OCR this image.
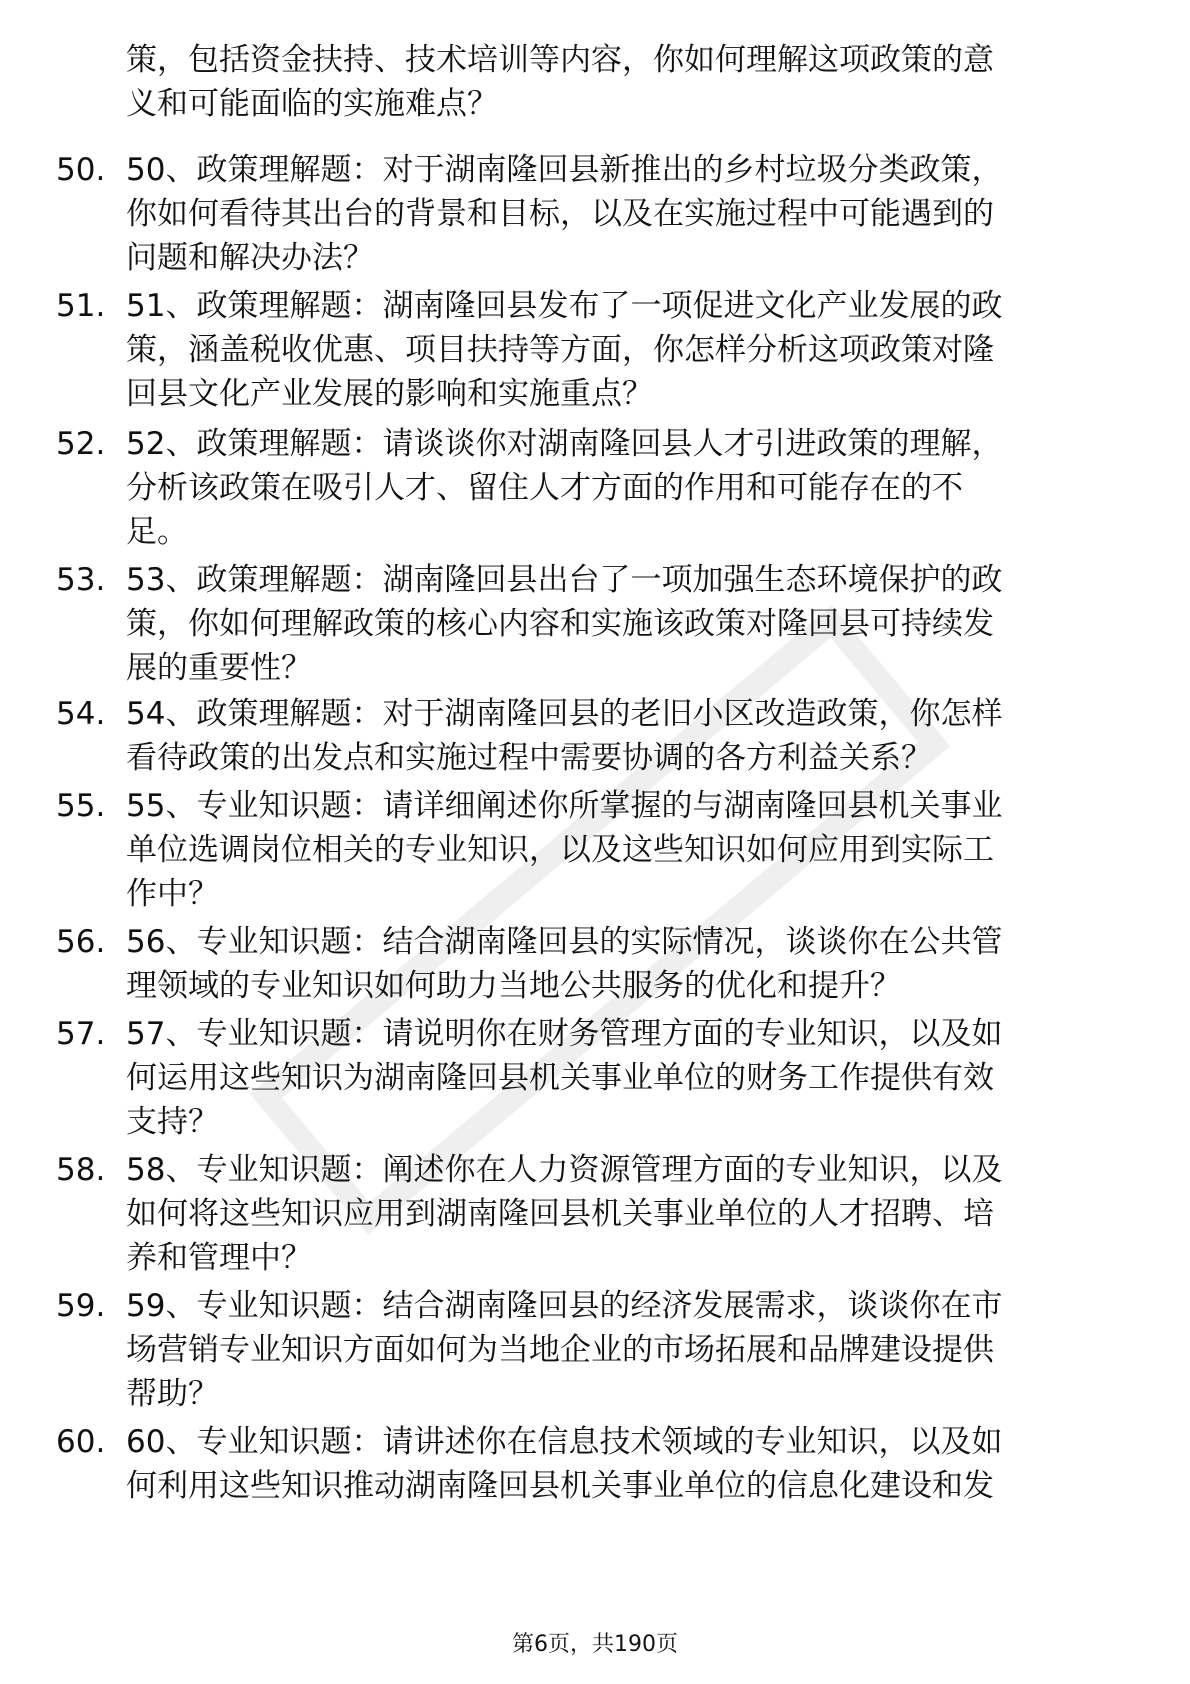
策，包括资金扶持、技术培训等内容，你如何理解这项政策的意
义和可能面临的实施难点？
50. 50、政策理解题：对于湖南隆回县新推出的乡村垃圾分类政策，
你如何看待其出台的背景和目标，以及在实施过程中可能遇到的
问题和解决办法？
51. 51、政策理解题：湖南隆回县发布了一项促进文化产业发展的政
策，涵盖税收优惠、项目扶持等方面，你怎样分析这项政策对隆
回县文化产业发展的影响和实施重点？
52. 52、政策理解题：请谈谈你对湖南隆回县人才引进政策的理解，
分析该政策在吸引人才、留住人才方面的作用和可能存在的不
足。
53. 53、政策理解题：湖南隆回县出台了一项加强生态环境保护的政
策，你如何理解政策的核心内容和实施该政策对隆回县可持续发
展的重要性？
54. 54、政策理解题：对于湖南隆回县的老旧小区改造政策，你怎样
看待政策的出发点和实施过程中需要协调的各方利益关系？
55. 55、专业知识题：请详细阐述你所掌握的与湖南隆回县机关事业
单位选调岗位相关的专业知识，以及这些知识如何应用到实际工
作中？
56. 56、专业知识题：结合湖南隆回县的实际情况，谈谈你在公共管
理领域的专业知识如何助力当地公共服务的优化和提升？
57. 57、专业知识题：请说明你在财务管理方面的专业知识，以及如
何运用这些知识为湖南隆回县机关事业单位的财务工作提供有效
支持？
58. 58、专业知识题：阐述你在人力资源管理方面的专业知识，以及
如何将这些知识应用到湖南隆回县机关事业单位的人才招聘、培
养和管理中？
59. 59、专业知识题：结合湖南隆回县的经济发展需求，谈谈你在市
场营销专业知识方面如何为当地企业的市场拓展和品牌建设提供
帮助？
60. 60、专业知识题：请讲述你在信息技术领域的专业知识，以及如
何利用这些知识推动湖南隆回县机关事业单位的信息化建设和发
第6页，共190页
